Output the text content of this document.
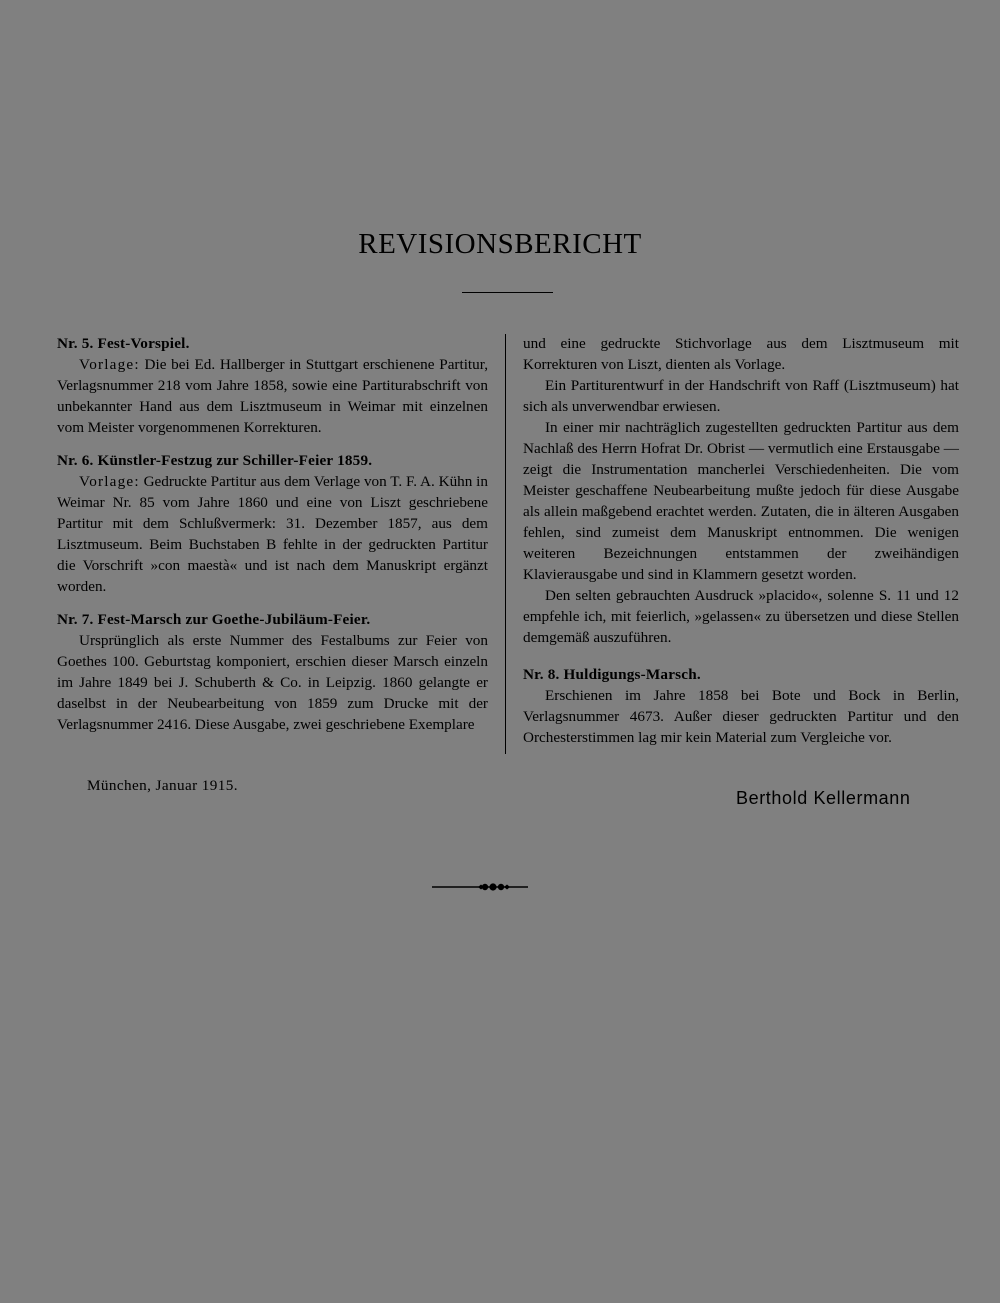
REVISIONSBERICHT
Nr. 5. Fest-Vorspiel.

Vorlage: Die bei Ed. Hallberger in Stuttgart erschienene Partitur, Verlagsnummer 218 vom Jahre 1858, sowie eine Partiturabschrift von unbekannter Hand aus dem Lisztmuseum in Weimar mit einzelnen vom Meister vorgenommenen Korrekturen.

Nr. 6. Künstler-Festzug zur Schiller-Feier 1859.

Vorlage: Gedruckte Partitur aus dem Verlage von T. F. A. Kühn in Weimar Nr. 85 vom Jahre 1860 und eine von Liszt geschriebene Partitur mit dem Schlußvermerk: 31. Dezember 1857, aus dem Lisztmuseum. Beim Buchstaben B fehlte in der gedruckten Partitur die Vorschrift »con maestà« und ist nach dem Manuskript ergänzt worden.

Nr. 7. Fest-Marsch zur Goethe-Jubiläum-Feier.

Ursprünglich als erste Nummer des Festalbums zur Feier von Goethes 100. Geburtstag komponiert, erschien dieser Marsch einzeln im Jahre 1849 bei J. Schuberth & Co. in Leipzig. 1860 gelangte er daselbst in der Neubearbeitung von 1859 zum Drucke mit der Verlagsnummer 2416. Diese Ausgabe, zwei geschriebene Exemplare

und eine gedruckte Stichvorlage aus dem Lisztmuseum mit Korrekturen von Liszt, dienten als Vorlage.

Ein Partiturentwurf in der Handschrift von Raff (Lisztmuseum) hat sich als unverwendbar erwiesen.

In einer mir nachträglich zugestellten gedruckten Partitur aus dem Nachlaß des Herrn Hofrat Dr. Obrist — vermutlich eine Erstausgabe — zeigt die Instrumentation mancherlei Verschiedenheiten. Die vom Meister geschaffene Neubearbeitung mußte jedoch für diese Ausgabe als allein maßgebend erachtet werden. Zutaten, die in älteren Ausgaben fehlen, sind zumeist dem Manuskript entnommen. Die wenigen weiteren Bezeichnungen entstammen der zweihändigen Klavierausgabe und sind in Klammern gesetzt worden.

Den selten gebrauchten Ausdruck »placido«, solenne S. 11 und 12 empfehle ich, mit feierlich, »gelassen« zu übersetzen und diese Stellen demgemäß auszuführen.

Nr. 8. Huldigungs-Marsch.

Erschienen im Jahre 1858 bei Bote und Bock in Berlin, Verlagsnummer 4673. Außer dieser gedruckten Partitur und den Orchesterstimmen lag mir kein Material zum Vergleiche vor.

München, Januar 1915.
Berthold Kellermann
